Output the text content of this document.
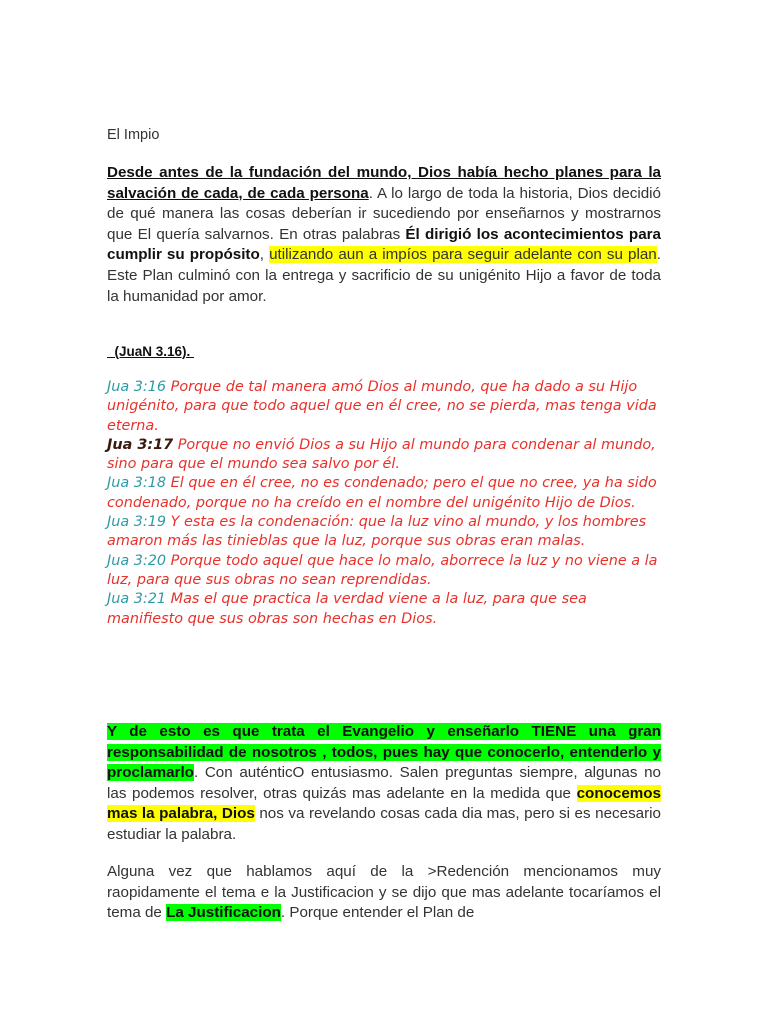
El Impio
Desde antes de la fundación del mundo, Dios había hecho planes para la salvación de cada, de cada persona. A lo largo de toda la historia, Dios decidió de qué manera las cosas deberían ir sucediendo por enseñarnos y mostrarnos que El quería salvarnos. En otras palabras Él dirigió los acontecimientos para cumplir su propósito, utilizando aun a impíos para seguir adelante con su plan. Este Plan culminó con la entrega y sacrificio de su unigénito Hijo a favor de toda la humanidad por amor.
(JuaN 3.16).

Jua 3:16 Porque de tal manera amó Dios al mundo, que ha dado a su Hijo unigénito, para que todo aquel que en él cree, no se pierda, mas tenga vida eterna.

Jua 3:17 Porque no envió Dios a su Hijo al mundo para condenar al mundo, sino para que el mundo sea salvo por él.

Jua 3:18 El que en él cree, no es condenado; pero el que no cree, ya ha sido condenado, porque no ha creído en el nombre del unigénito Hijo de Dios.

Jua 3:19 Y esta es la condenación: que la luz vino al mundo, y los hombres amaron más las tinieblas que la luz, porque sus obras eran malas.

Jua 3:20 Porque todo aquel que hace lo malo, aborrece la luz y no viene a la luz, para que sus obras no sean reprendidas.

Jua 3:21 Mas el que practica la verdad viene a la luz, para que sea manifiesto que sus obras son hechas en Dios.

Y de esto es que trata el Evangelio y enseñarlo TIENE una gran responsabilidad de nosotros , todos, pues hay que conocerlo, entenderlo y proclamarlo. Con auténticO entusiasmo. Salen preguntas siempre, algunas no las podemos resolver, otras quizás mas adelante en la medida que conocemos mas la palabra, Dios nos va revelando cosas cada dia mas, pero si es necesario estudiar la palabra.
Alguna vez que hablamos aquí de la >Redención mencionamos muy raopidamente el tema e la Justificacion y se dijo que mas adelante tocaríamos el tema de La Justificacion. Porque entender el Plan de
